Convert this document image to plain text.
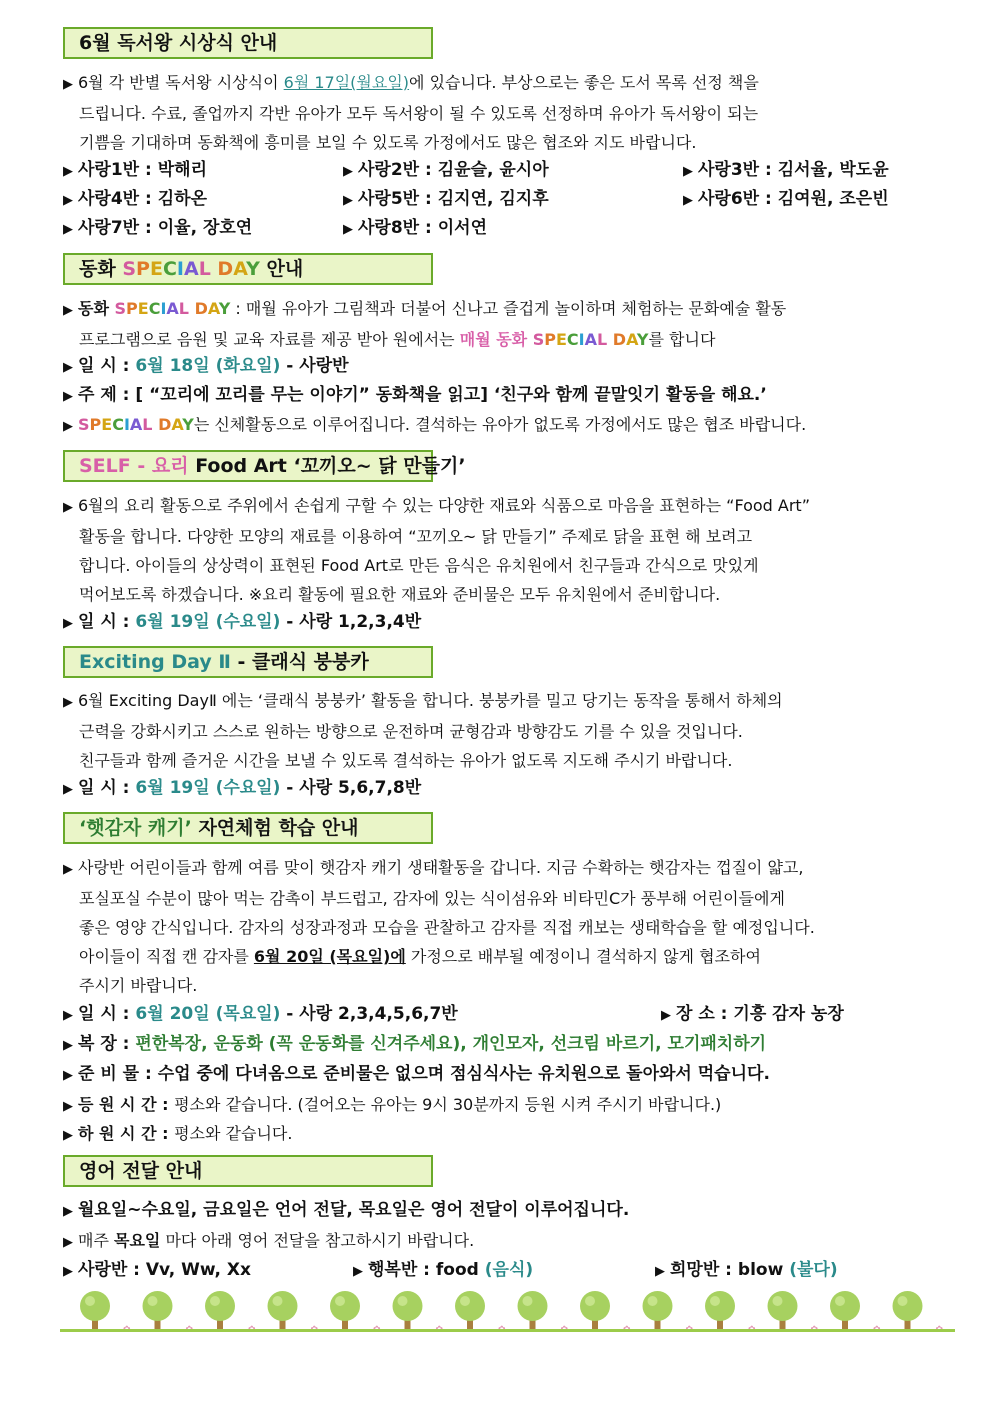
6월 독서왕 시상식 안내

▶ 6월 각 반별 독서왕 시상식이 6월 17일(월요일)에 있습니다. 부상으로는 좋은 도서 목록 선정 책을

드립니다. 수료, 졸업까지 각반 유아가 모두 독서왕이 될 수 있도록 선정하며 유아가 독서왕이 되는

기쁨을 기대하며 동화책에 흥미를 보일 수 있도록 가정에서도 많은 협조와 지도 바랍니다.

▶ 사랑1반 : 박해리	▶ 사랑2반 : 김윤슬, 윤시아	▶ 사랑3반 : 김서율, 박도윤
▶ 사랑4반 : 김하온	▶ 사랑5반 : 김지연, 김지후	▶ 사랑6반 : 김여원, 조은빈
▶ 사랑7반 : 이율, 장호연	▶ 사랑8반 : 이서연
동화 SPECIAL DAY 안내

▶ 동화 SPECIAL DAY : 매월 유아가 그림책과 더불어 신나고 즐겁게 놀이하며 체험하는 문화예술 활동

프로그램으로 음원 및 교육 자료를 제공 받아 원에서는 매월 동화 SPECIAL DAY를 합니다

▶ 일 시 : 6월 18일 (화요일) - 사랑반
▶ 주 제 : [ “꼬리에 꼬리를 무는 이야기” 동화책을 읽고] ‘친구와 함께 끝말잇기 활동을 해요.’
▶ SPECIAL DAY는 신체활동으로 이루어집니다. 결석하는 유아가 없도록 가정에서도 많은 협조 바랍니다.
SELF - 요리 Food Art ‘꼬끼오~ 닭 만들기’

▶ 6월의 요리 활동으로 주위에서 손쉽게 구할 수 있는 다양한 재료와 식품으로 마음을 표현하는 “Food Art”

활동을 합니다. 다양한 모양의 재료를 이용하여 “꼬끼오~ 닭 만들기” 주제로 닭을 표현 해 보려고

합니다. 아이들의 상상력이 표현된 Food Art로 만든 음식은 유치원에서 친구들과 간식으로 맛있게

먹어보도록 하겠습니다. ※요리 활동에 필요한 재료와 준비물은 모두 유치원에서 준비합니다.

▶ 일 시 : 6월 19일 (수요일) - 사랑 1,2,3,4반
Exciting Day Ⅱ - 클래식 붕붕카

▶ 6월 Exciting DayⅡ 에는 ‘클래식 붕붕카’ 활동을 합니다. 붕붕카를 밀고 당기는 동작을 통해서 하체의

근력을 강화시키고 스스로 원하는 방향으로 운전하며 균형감과 방향감도 기를 수 있을 것입니다.

친구들과 함께 즐거운 시간을 보낼 수 있도록 결석하는 유아가 없도록 지도해 주시기 바랍니다.

▶ 일 시 : 6월 19일 (수요일) - 사랑 5,6,7,8반
‘햇감자 캐기’ 자연체험 학습 안내

▶ 사랑반 어린이들과 함께 여름 맞이 햇감자 캐기 생태활동을 갑니다. 지금 수확하는 햇감자는 껍질이 얇고,

포실포실 수분이 많아 먹는 감촉이 부드럽고, 감자에 있는 식이섬유와 비타민C가 풍부해 어린이들에게

좋은 영양 간식입니다. 감자의 성장과정과 모습을 관찰하고 감자를 직접 캐보는 생태학습을 할 예정입니다.

아이들이 직접 캔 감자를 6월 20일 (목요일)에 가정으로 배부될 예정이니 결석하지 않게 협조하여

주시기 바랍니다.

▶ 일 시 : 6월 20일 (목요일) - 사랑 2,3,4,5,6,7반	▶ 장 소 : 기흥 감자 농장
▶ 복 장 : 편한복장, 운동화 (꼭 운동화를 신겨주세요), 개인모자, 선크림 바르기, 모기패치하기
▶ 준 비 물 : 수업 중에 다녀옴으로 준비물은 없으며 점심식사는 유치원으로 돌아와서 먹습니다.
▶ 등 원 시 간 : 평소와 같습니다. (걸어오는 유아는 9시 30분까지 등원 시켜 주시기 바랍니다.)
▶ 하 원 시 간 : 평소와 같습니다.
영어 전달 안내
▶ 월요일~수요일, 금요일은 언어 전달, 목요일은 영어 전달이 이루어집니다.
▶ 매주 목요일 마다 아래 영어 전달을 참고하시기 바랍니다.
▶ 사랑반 : Vv, Ww, Xx	▶ 행복반 : food (음식)	▶ 희망반 : blow (불다)
